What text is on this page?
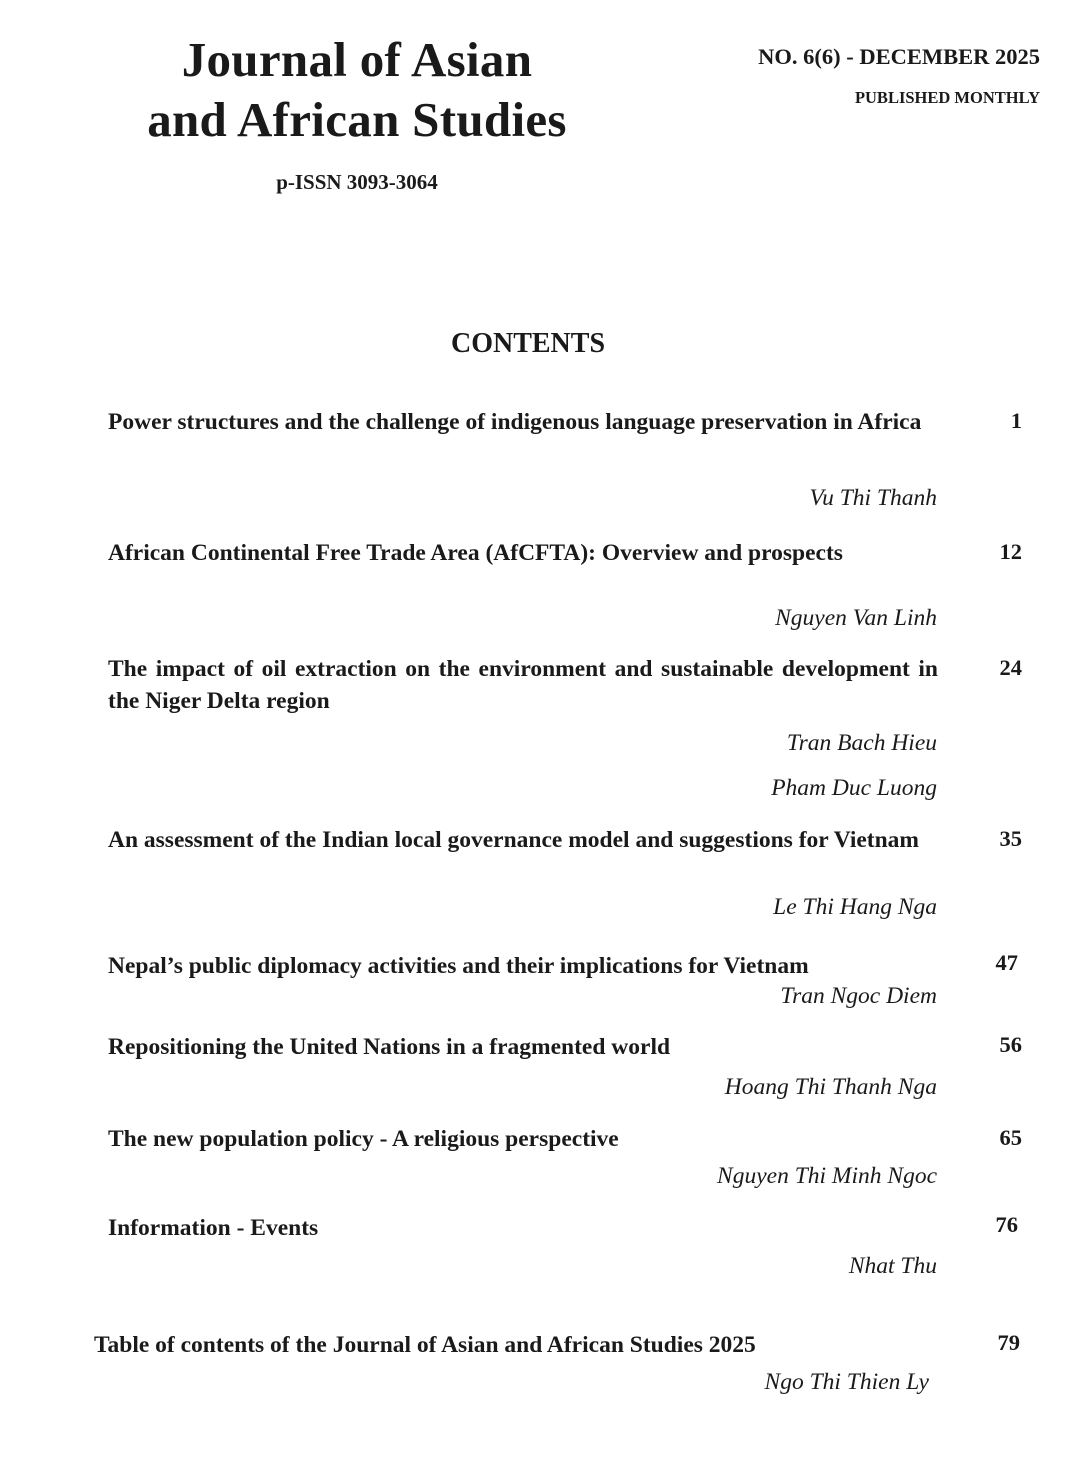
Journal of Asian
and African Studies
p-ISSN 3093-3064
NO. 6(6) - DECEMBER 2025
PUBLISHED MONTHLY
CONTENTS
Power structures and the challenge of indigenous language preservation in Africa	1
Vu Thi Thanh
African Continental Free Trade Area (AfCFTA): Overview and prospects	12
Nguyen Van Linh
The impact of oil extraction on the environment and sustainable development in the Niger Delta region
24
Tran Bach Hieu
Pham Duc Luong
An assessment of the Indian local governance model and suggestions for Vietnam	35
Le Thi Hang Nga
Nepal’s public diplomacy activities and their implications for Vietnam	47
Tran Ngoc Diem
Repositioning the United Nations in a fragmented world	56
Hoang Thi Thanh Nga
The new population policy - A religious perspective	65
Nguyen Thi Minh Ngoc
Information - Events	76
Nhat Thu
Table of contents of the Journal of Asian and African Studies 2025	79
Ngo Thi Thien Ly
